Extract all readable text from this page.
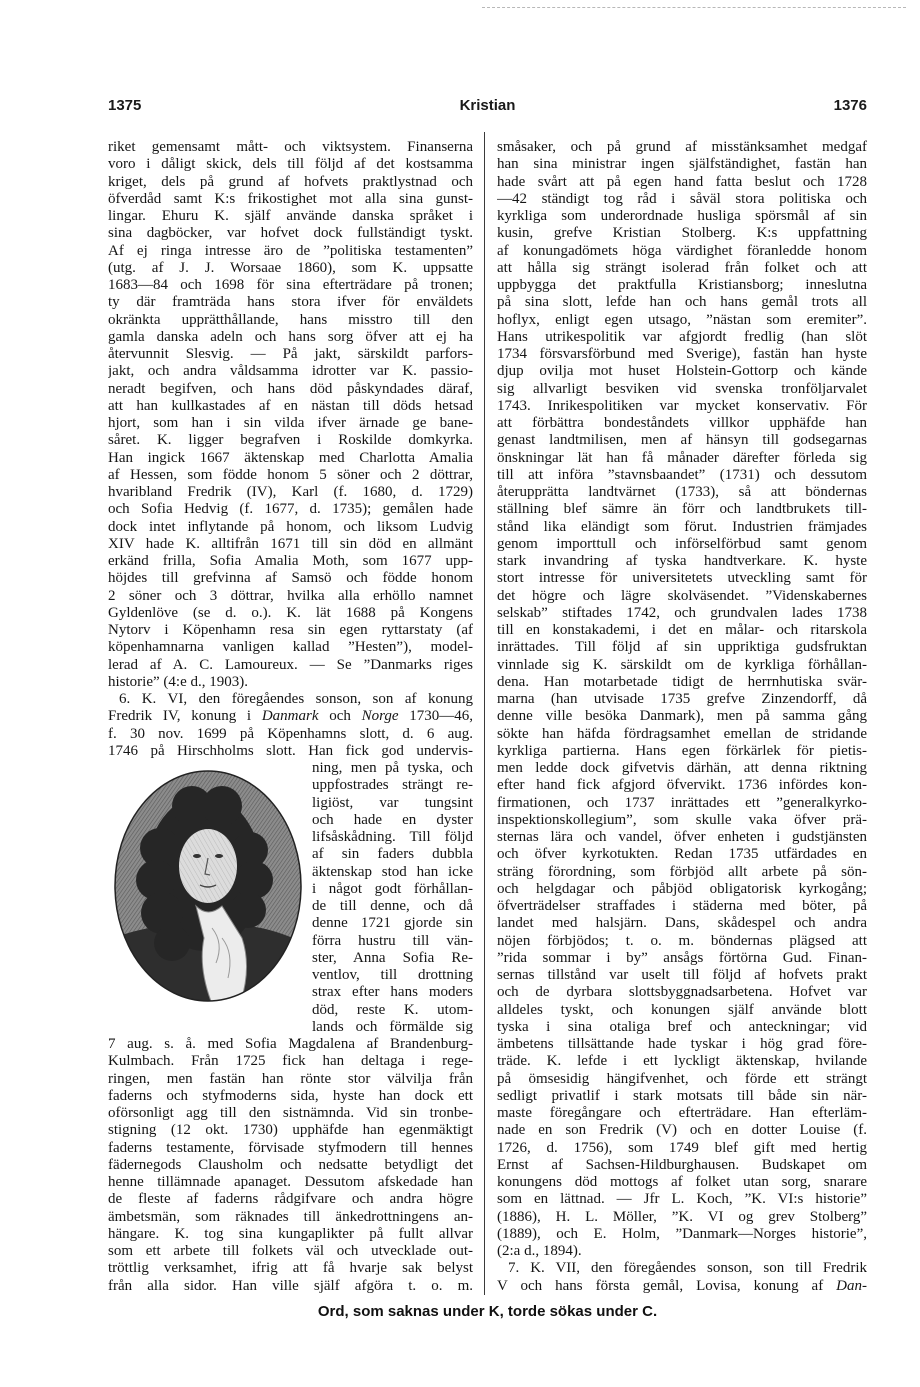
1375	Kristian	1376
riket gemensamt mått- och viktsystem. Finanserna
voro i dåligt skick, dels till följd af det kostsamma
kriget, dels på grund af hofvets praktlystnad och
öfverdåd samt K:s frikostighet mot alla sina gunst-
lingar. Ehuru K. själf använde danska språket i
sina dagböcker, var hofvet dock fullständigt tyskt.
Af ej ringa intresse äro de ”politiska testamenten”
(utg. af J. J. Worsaae 1860), som K. uppsatte
1683—84 och 1698 för sina efterträdare på tronen;
ty där framträda hans stora ifver för enväldets
okränkta upprätthållande, hans misstro till den
gamla danska adeln och hans sorg öfver att ej ha
återvunnit Slesvig. — På jakt, särskildt parfors-
jakt, och andra våldsamma idrotter var K. passio-
neradt begifven, och hans död påskyndades däraf,
att han kullkastades af en nästan till döds hetsad
hjort, som han i sin vilda ifver ärnade ge bane-
såret. K. ligger begrafven i Roskilde domkyrka.
Han ingick 1667 äktenskap med Charlotta Amalia
af Hessen, som födde honom 5 söner och 2 döttrar,
hvaribland Fredrik (IV), Karl (f. 1680, d. 1729)
och Sofia Hedvig (f. 1677, d. 1735); gemålen hade
dock intet inflytande på honom, och liksom Ludvig
XIV hade K. alltifrån 1671 till sin död en allmänt
erkänd frilla, Sofia Amalia Moth, som 1677 upp-
höjdes till grefvinna af Samsö och födde honom
2 söner och 3 döttrar, hvilka alla erhöllo namnet
Gyldenlöve (se d. o.). K. lät 1688 på Kongens
Nytorv i Köpenhamn resa sin egen ryttarstaty (af
köpenhamnarna vanligen kallad ”Hesten”), model-
lerad af A. C. Lamoureux. — Se ”Danmarks riges
historie” (4:e d., 1903).
6. K. VI, den föregåendes sonson, son af konung
Fredrik IV, konung i Danmark och Norge 1730—46,
f. 30 nov. 1699 på Köpenhamns slott, d. 6 aug.
1746 på Hirschholms slott. Han fick god undervis-
ning, men på tyska, och
uppfostrades strängt re-
ligiöst, var tungsint
och hade en dyster
lifsåskådning. Till följd
af sin faders dubbla
äktenskap stod han icke
i något godt förhållan-
de till denne, och då
denne 1721 gjorde sin
förra hustru till vän-
ster, Anna Sofia Re-
ventlov, till drottning
strax efter hans moders
död, reste K. utom-
lands och förmälde sig
7 aug. s. å. med Sofia Magdalena af Brandenburg-
Kulmbach. Från 1725 fick han deltaga i rege-
ringen, men fastän han rönte stor välvilja från
faderns och styfmoderns sida, hyste han dock ett
oförsonligt agg till den sistnämnda. Vid sin tronbe-
stigning (12 okt. 1730) upphäfde han egenmäktigt
faderns testamente, förvisade styfmodern till hennes
fädernegods Clausholm och nedsatte betydligt det
henne tillämnade apanaget. Dessutom afskedade han
de fleste af faderns rådgifvare och andra högre
ämbetsmän, som räknades till änkedrottningens an-
hängare. K. tog sina kungaplikter på fullt allvar
som ett arbete till folkets väl och utvecklade out-
tröttlig verksamhet, ifrig att få hvarje sak belyst
från alla sidor. Han ville själf afgöra t. o. m.
småsaker, och på grund af misstänksamhet medgaf
han sina ministrar ingen själfständighet, fastän han
hade svårt att på egen hand fatta beslut och 1728
—42 ständigt tog råd i såväl stora politiska och
kyrkliga som underordnade husliga spörsmål af sin
kusin, grefve Kristian Stolberg. K:s uppfattning
af konungadömets höga värdighet föranledde honom
att hålla sig strängt isolerad från folket och att
uppbygga det praktfulla Kristiansborg; inneslutna
på sina slott, lefde han och hans gemål trots all
hoflyx, enligt egen utsago, ”nästan som eremiter”.
Hans utrikespolitik var afgjordt fredlig (han slöt
1734 försvarsförbund med Sverige), fastän han hyste
djup ovilja mot huset Holstein-Gottorp och kände
sig allvarligt besviken vid svenska tronföljarvalet
1743. Inrikespolitiken var mycket konservativ. För
att förbättra bondeståndets villkor upphäfde han
genast landtmilisen, men af hänsyn till godsegarnas
önskningar lät han få månader därefter förleda sig
till att införa ”stavnsbaandet” (1731) och dessutom
återupprätta landtvärnet (1733), så att böndernas
ställning blef sämre än förr och landtbrukets till-
stånd lika eländigt som förut. Industrien främjades
genom importtull och införselförbud samt genom
stark invandring af tyska handtverkare. K. hyste
stort intresse för universitetets utveckling samt för
det högre och lägre skolväsendet. ”Videnskabernes
selskab” stiftades 1742, och grundvalen lades 1738
till en konstakademi, i det en målar- och ritarskola
inrättades. Till följd af sin uppriktiga gudsfruktan
vinnlade sig K. särskildt om de kyrkliga förhållan-
dena. Han motarbetade tidigt de herrnhutiska svär-
marna (han utvisade 1735 grefve Zinzendorff, då
denne ville besöka Danmark), men på samma gång
sökte han häfda fördragsamhet emellan de stridande
kyrkliga partierna. Hans egen förkärlek för pietis-
men ledde dock gifvetvis därhän, att denna riktning
efter hand fick afgjord öfvervikt. 1736 infördes kon-
firmationen, och 1737 inrättades ett ”generalkyrko-
inspektionskollegium”, som skulle vaka öfver prä-
sternas lära och vandel, öfver enheten i gudstjänsten
och öfver kyrkotukten. Redan 1735 utfärdades en
sträng förordning, som förbjöd allt arbete på sön-
och helgdagar och påbjöd obligatorisk kyrkogång;
öfverträdelser straffades i städerna med böter, på
landet med halsjärn. Dans, skådespel och andra
nöjen förbjödos; t. o. m. böndernas plägsed att
”rida sommar i by” ansågs förtörna Gud. Finan-
sernas tillstånd var uselt till följd af hofvets prakt
och de dyrbara slottsbyggnadsarbetena. Hofvet var
alldeles tyskt, och konungen själf använde blott
tyska i sina otaliga bref och anteckningar; vid
ämbetens tillsättande hade tyskar i hög grad före-
träde. K. lefde i ett lyckligt äktenskap, hvilande
på ömsesidig hängifvenhet, och förde ett strängt
sedligt privatlif i stark motsats till både sin när-
maste föregångare och efterträdare. Han efterläm-
nade en son Fredrik (V) och en dotter Louise (f.
1726, d. 1756), som 1749 blef gift med hertig
Ernst af Sachsen-Hildburghausen. Budskapet om
konungens död mottogs af folket utan sorg, snarare
som en lättnad. — Jfr L. Koch, ”K. VI:s historie”
(1886), H. L. Möller, ”K. VI og grev Stolberg”
(1889), och E. Holm, ”Danmark—Norges historie”,
(2:a d., 1894).
7. K. VII, den föregåendes sonson, son till Fredrik
V och hans första gemål, Lovisa, konung af Dan-
Ord, som saknas under K, torde sökas under C.
